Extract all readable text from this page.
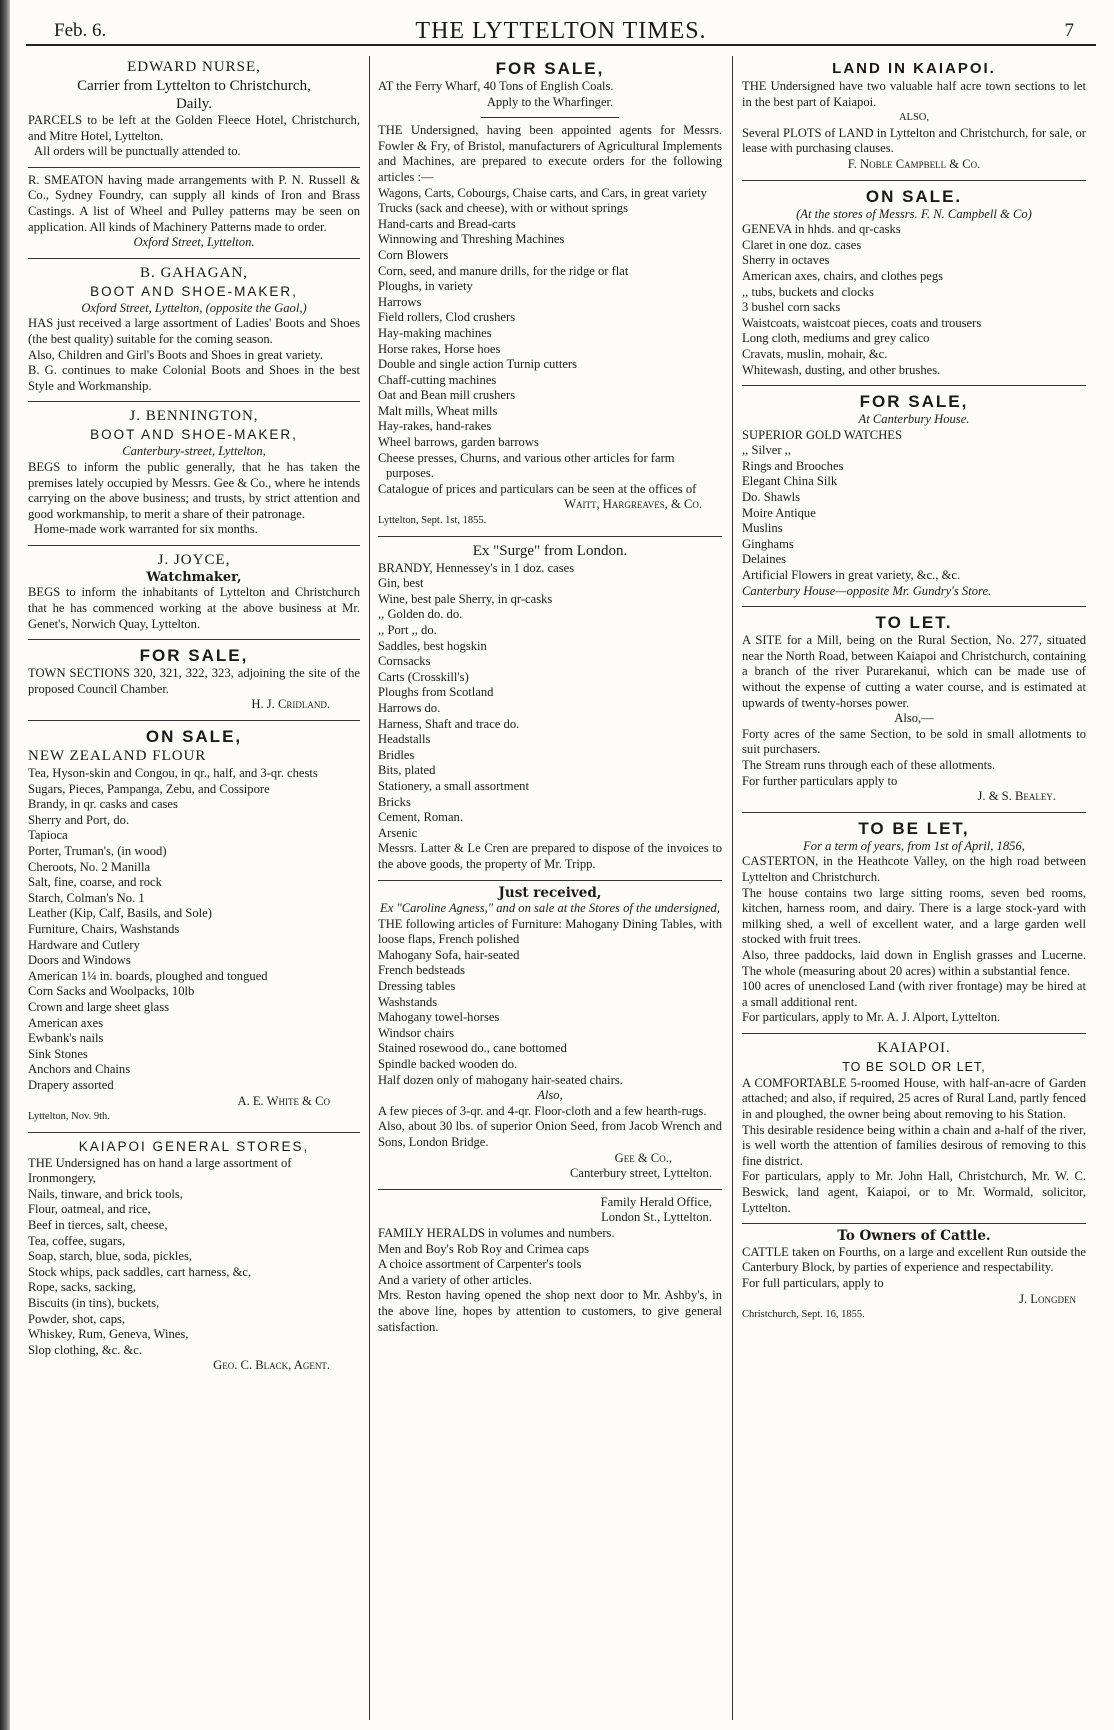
Feb. 6.	THE LYTTELTON TIMES.	7
EDWARD NURSE,
Carrier from Lyttelton to Christchurch,
Daily.

PARCELS to be left at the Golden Fleece Hotel, Christchurch, and Mitre Hotel, Lyttelton.

All orders will be punctually attended to.

R. SMEATON having made arrangements with P. N. Russell & Co., Sydney Foundry, can supply all kinds of Iron and Brass Castings. A list of Wheel and Pulley patterns may be seen on application. All kinds of Machinery Patterns made to order.

Oxford Street, Lyttelton.
B. GAHAGAN,
BOOT AND SHOE-MAKER,
Oxford Street, Lyttelton, (opposite the Gaol,)

HAS just received a large assortment of Ladies' Boots and Shoes (the best quality) suitable for the coming season.

Also, Children and Girl's Boots and Shoes in great variety.

B. G. continues to make Colonial Boots and Shoes in the best Style and Workmanship.

J. BENNINGTON,
BOOT AND SHOE-MAKER,
Canterbury-street, Lyttelton,

BEGS to inform the public generally, that he has taken the premises lately occupied by Messrs. Gee & Co., where he intends carrying on the above business; and trusts, by strict attention and good workmanship, to merit a share of their patronage.

Home-made work warranted for six months.

J. JOYCE,
Watchmaker,

BEGS to inform the inhabitants of Lyttelton and Christchurch that he has commenced working at the above business at Mr. Genet's, Norwich Quay, Lyttelton.

FOR SALE,

TOWN SECTIONS 320, 321, 322, 323, adjoining the site of the proposed Council Chamber.

H. J. Cridland.
ON SALE,
NEW ZEALAND FLOUR
Tea, Hyson-skin and Congou, in qr., half, and 3-qr. chests
Sugars, Pieces, Pampanga, Zebu, and Cossipore
Brandy, in qr. casks and cases
Sherry and Port, do.
Tapioca
Porter, Truman's, (in wood)
Cheroots, No. 2 Manilla
Salt, fine, coarse, and rock
Starch, Colman's No. 1
Leather (Kip, Calf, Basils, and Sole)
Furniture, Chairs, Washstands
Hardware and Cutlery
Doors and Windows
American 1¼ in. boards, ploughed and tongued
Corn Sacks and Woolpacks, 10lb
Crown and large sheet glass
American axes
Ewbank's nails
Sink Stones
Anchors and Chains
Drapery assorted
A. E. White & Co
Lyttelton, Nov. 9th.
KAIAPOI GENERAL STORES,

THE Undersigned has on hand a large assortment of

Ironmongery,
Nails, tinware, and brick tools,
Flour, oatmeal, and rice,
Beef in tierces, salt, cheese,
Tea, coffee, sugars,
Soap, starch, blue, soda, pickles,
Stock whips, pack saddles, cart harness, &c,
Rope, sacks, sacking,
Biscuits (in tins), buckets,
Powder, shot, caps,
Whiskey, Rum, Geneva, Wines,
Slop clothing, &c. &c.
Geo. C. Black, Agent.
FOR SALE,

AT the Ferry Wharf, 40 Tons of English Coals.

Apply to the Wharfinger.

THE Undersigned, having been appointed agents for Messrs. Fowler & Fry, of Bristol, manufacturers of Agricultural Implements and Machines, are prepared to execute orders for the following articles :—

Wagons, Carts, Cobourgs, Chaise carts, and Cars, in great variety
Trucks (sack and cheese), with or without springs
Hand-carts and Bread-carts
Winnowing and Threshing Machines
Corn Blowers
Corn, seed, and manure drills, for the ridge or flat
Ploughs, in variety
Harrows
Field rollers, Clod crushers
Hay-making machines
Horse rakes, Horse hoes
Double and single action Turnip cutters
Chaff-cutting machines
Oat and Bean mill crushers
Malt mills, Wheat mills
Hay-rakes, hand-rakes
Wheel barrows, garden barrows
Cheese presses, Churns, and various other articles for farm purposes.

Catalogue of prices and particulars can be seen at the offices of

Waitt, Hargreaves, & Co.
Lyttelton, Sept. 1st, 1855.
Ex "Surge" from London.
BRANDY, Hennessey's in 1 doz. cases
Gin, best
Wine, best pale Sherry, in qr-casks
,, Golden do. do.
,, Port ,, do.
Saddles, best hogskin
Cornsacks
Carts (Crosskill's)
Ploughs from Scotland
Harrows do.
Harness, Shaft and trace do.
Headstalls
Bridles
Bits, plated
Stationery, a small assortment
Bricks
Cement, Roman.
Arsenic

Messrs. Latter & Le Cren are prepared to dispose of the invoices to the above goods, the property of Mr. Tripp.

Just received,
Ex "Caroline Agness," and on sale at the Stores of the undersigned,

THE following articles of Furniture: Mahogany Dining Tables, with loose flaps, French polished

Mahogany Sofa, hair-seated
French bedsteads
Dressing tables
Washstands
Mahogany towel-horses
Windsor chairs
Stained rosewood do., cane bottomed
Spindle backed wooden do.
Half dozen only of mahogany hair-seated chairs.
Also,

A few pieces of 3-qr. and 4-qr. Floor-cloth and a few hearth-rugs.

Also, about 30 lbs. of superior Onion Seed, from Jacob Wrench and Sons, London Bridge.

Gee & Co.,
Canterbury street, Lyttelton.
Family Herald Office,
London St., Lyttelton.

FAMILY HERALDS in volumes and numbers.

Men and Boy's Rob Roy and Crimea caps
A choice assortment of Carpenter's tools
And a variety of other articles.

Mrs. Reston having opened the shop next door to Mr. Ashby's, in the above line, hopes by attention to customers, to give general satisfaction.

LAND IN KAIAPOI.

THE Undersigned have two valuable half acre town sections to let in the best part of Kaiapoi.

ALSO,

Several PLOTS of LAND in Lyttelton and Christchurch, for sale, or lease with purchasing clauses.

F. Noble Campbell & Co.
ON SALE.
(At the stores of Messrs. F. N. Campbell & Co)
GENEVA in hhds. and qr-casks
Claret in one doz. cases
Sherry in octaves
American axes, chairs, and clothes pegs
,, tubs, buckets and clocks
3 bushel corn sacks
Waistcoats, waistcoat pieces, coats and trousers
Long cloth, mediums and grey calico
Cravats, muslin, mohair, &c.
Whitewash, dusting, and other brushes.
FOR SALE,
At Canterbury House.
SUPERIOR GOLD WATCHES
,, Silver ,,
Rings and Brooches
Elegant China Silk
Do. Shawls
Moire Antique
Muslins
Ginghams
Delaines
Artificial Flowers in great variety, &c., &c.
Canterbury House—opposite Mr. Gundry's Store.
TO LET.

A SITE for a Mill, being on the Rural Section, No. 277, situated near the North Road, between Kaiapoi and Christchurch, containing a branch of the river Purarekanui, which can be made use of without the expense of cutting a water course, and is estimated at upwards of twenty-horses power.

Also,—

Forty acres of the same Section, to be sold in small allotments to suit purchasers.

The Stream runs through each of these allotments.

For further particulars apply to

J. & S. Bealey.
TO BE LET,
For a term of years, from 1st of April, 1856,

CASTERTON, in the Heathcote Valley, on the high road between Lyttelton and Christchurch.

The house contains two large sitting rooms, seven bed rooms, kitchen, harness room, and dairy. There is a large stock-yard with milking shed, a well of excellent water, and a large garden well stocked with fruit trees.

Also, three paddocks, laid down in English grasses and Lucerne. The whole (measuring about 20 acres) within a substantial fence.

100 acres of unenclosed Land (with river frontage) may be hired at a small additional rent.

For particulars, apply to Mr. A. J. Alport, Lyttelton.

KAIAPOI.
TO BE SOLD OR LET,

A COMFORTABLE 5-roomed House, with half-an-acre of Garden attached; and also, if required, 25 acres of Rural Land, partly fenced in and ploughed, the owner being about removing to his Station.

This desirable residence being within a chain and a-half of the river, is well worth the attention of families desirous of removing to this fine district.

For particulars, apply to Mr. John Hall, Christchurch, Mr. W. C. Beswick, land agent, Kaiapoi, or to Mr. Wormald, solicitor, Lyttelton.

To Owners of Cattle.

CATTLE taken on Fourths, on a large and excellent Run outside the Canterbury Block, by parties of experience and respectability.

For full particulars, apply to

J. Longden
Christchurch, Sept. 16, 1855.
